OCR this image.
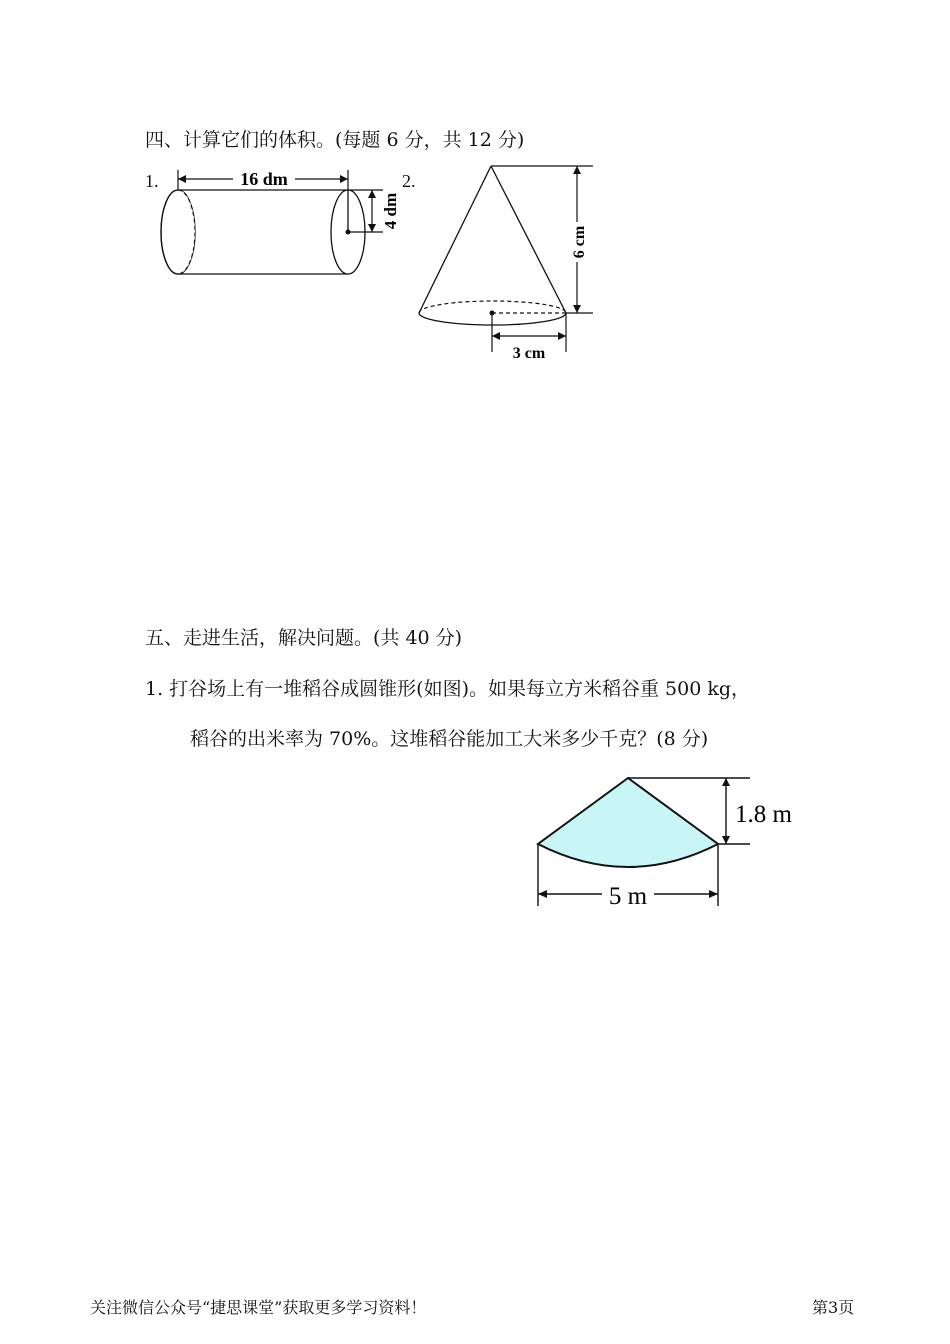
四、计算它们的体积。(每题 6 分，共 12 分)
1.	16 dm
4 dm
2.
6 cm
3 cm
五、走进生活，解决问题。(共 40 分)
1. 打谷场上有一堆稻谷成圆锥形(如图)。如果每立方米稻谷重 500 kg，
稻谷的出米率为 70%。这堆稻谷能加工大米多少千克？(8 分)
1.8 m
5 m
关注微信公众号“捷思课堂”获取更多学习资料！	第3页
